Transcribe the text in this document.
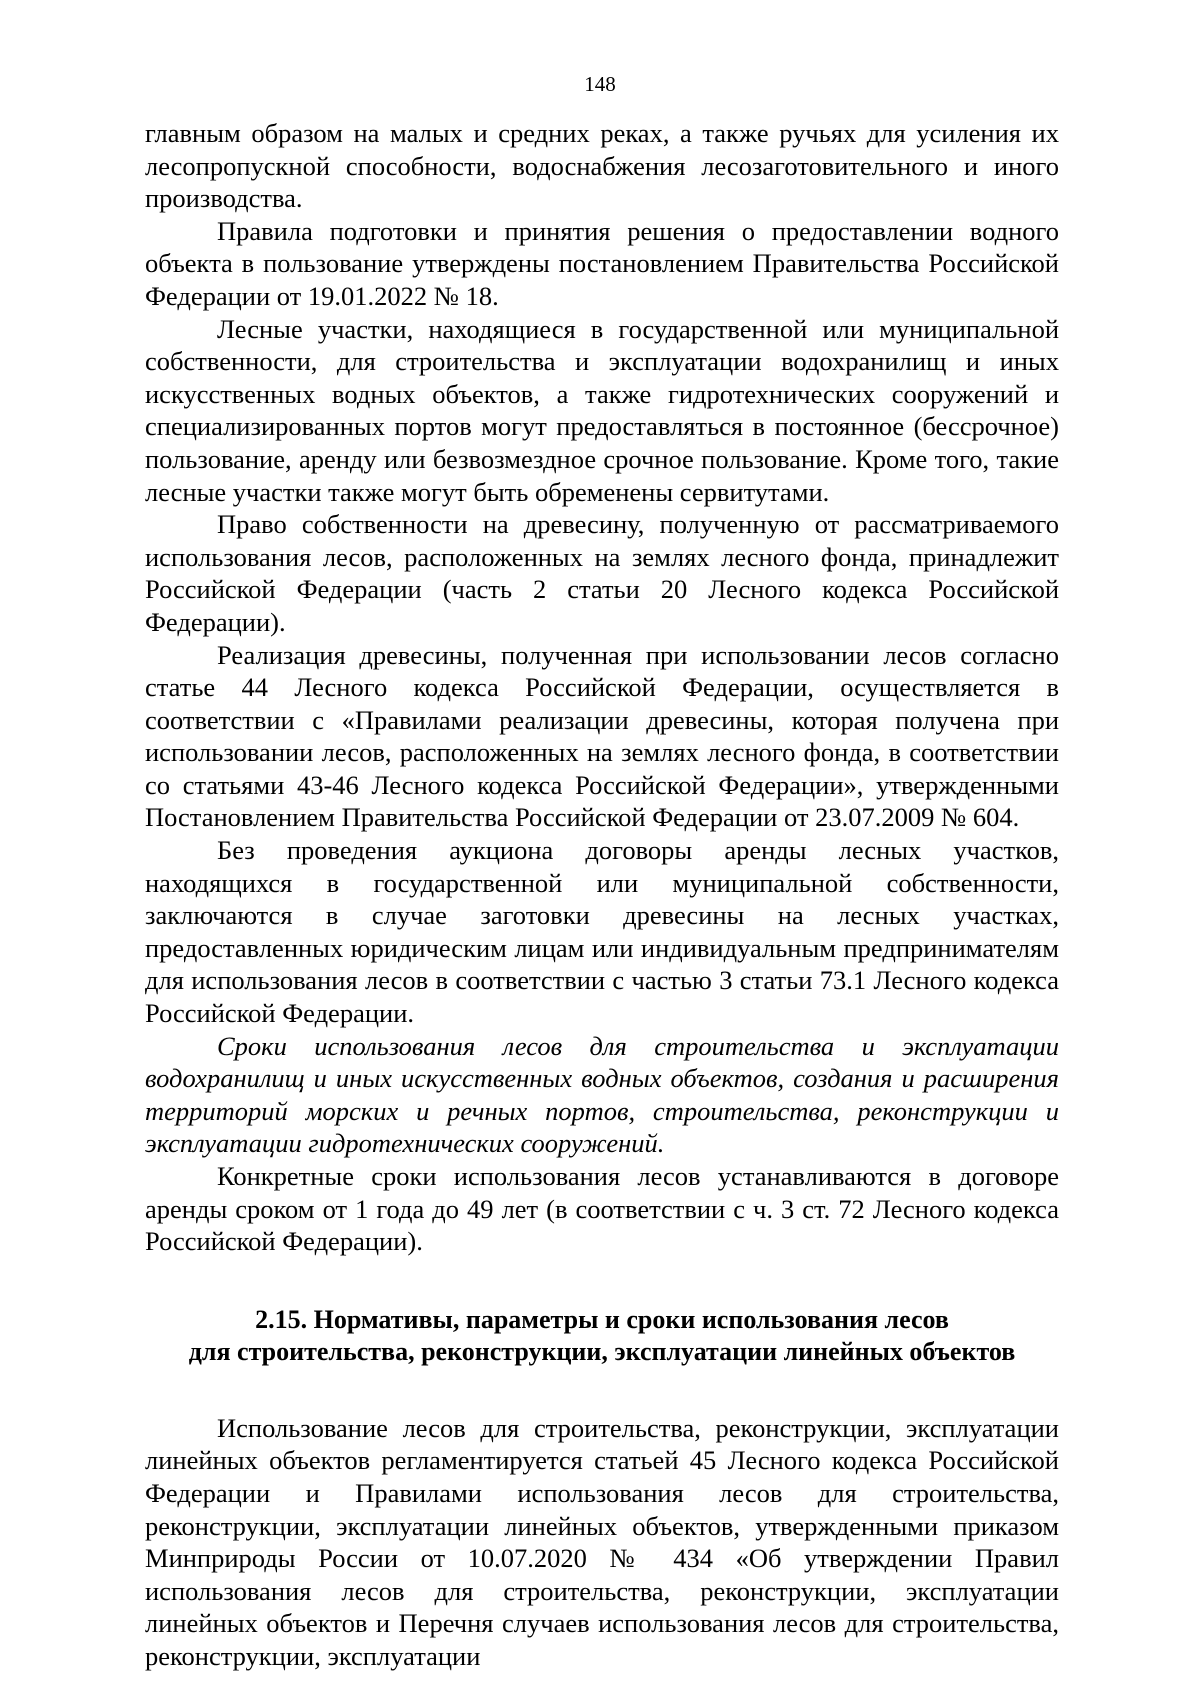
148

главным образом на малых и средних реках, а также ручьях для усиления их лесопропускной способности, водоснабжения лесозаготовительного и иного производства.

Правила подготовки и принятия решения о предоставлении водного объекта в пользование утверждены постановлением Правительства Российской Федерации от 19.01.2022 № 18.

Лесные участки, находящиеся в государственной или муниципальной собственности, для строительства и эксплуатации водохранилищ и иных искусственных водных объектов, а также гидротехнических сооружений и специализированных портов могут предоставляться в постоянное (бессрочное) пользование, аренду или безвозмездное срочное пользование. Кроме того, такие лесные участки также могут быть обременены сервитутами.

Право собственности на древесину, полученную от рассматриваемого использования лесов, расположенных на землях лесного фонда, принадлежит Российской Федерации (часть 2 статьи 20 Лесного кодекса Российской Федерации).

Реализация древесины, полученная при использовании лесов согласно статье 44 Лесного кодекса Российской Федерации, осуществляется в соответствии с «Правилами реализации древесины, которая получена при использовании лесов, расположенных на землях лесного фонда, в соответствии со статьями 43-46 Лесного кодекса Российской Федерации», утвержденными Постановлением Правительства Российской Федерации от 23.07.2009 № 604.

Без проведения аукциона договоры аренды лесных участков, находящихся в государственной или муниципальной собственности, заключаются в случае заготовки древесины на лесных участках, предоставленных юридическим лицам или индивидуальным предпринимателям для использования лесов в соответствии с частью 3 статьи 73.1 Лесного кодекса Российской Федерации.

Сроки использования лесов для строительства и эксплуатации водохранилищ и иных искусственных водных объектов, создания и расширения территорий морских и речных портов, строительства, реконструкции и эксплуатации гидротехнических сооружений.

Конкретные сроки использования лесов устанавливаются в договоре аренды сроком от 1 года до 49 лет (в соответствии с ч. 3 ст. 72 Лесного кодекса Российской Федерации).

2.15. Нормативы, параметры и сроки использования лесов
для строительства, реконструкции, эксплуатации линейных объектов

Использование лесов для строительства, реконструкции, эксплуатации линейных объектов регламентируется статьей 45 Лесного кодекса Российской Федерации и Правилами использования лесов для строительства, реконструкции, эксплуатации линейных объектов, утвержденными приказом Минприроды России от 10.07.2020 № 434 «Об утверждении Правил использования лесов для строительства, реконструкции, эксплуатации линейных объектов и Перечня случаев использования лесов для строительства, реконструкции, эксплуатации
